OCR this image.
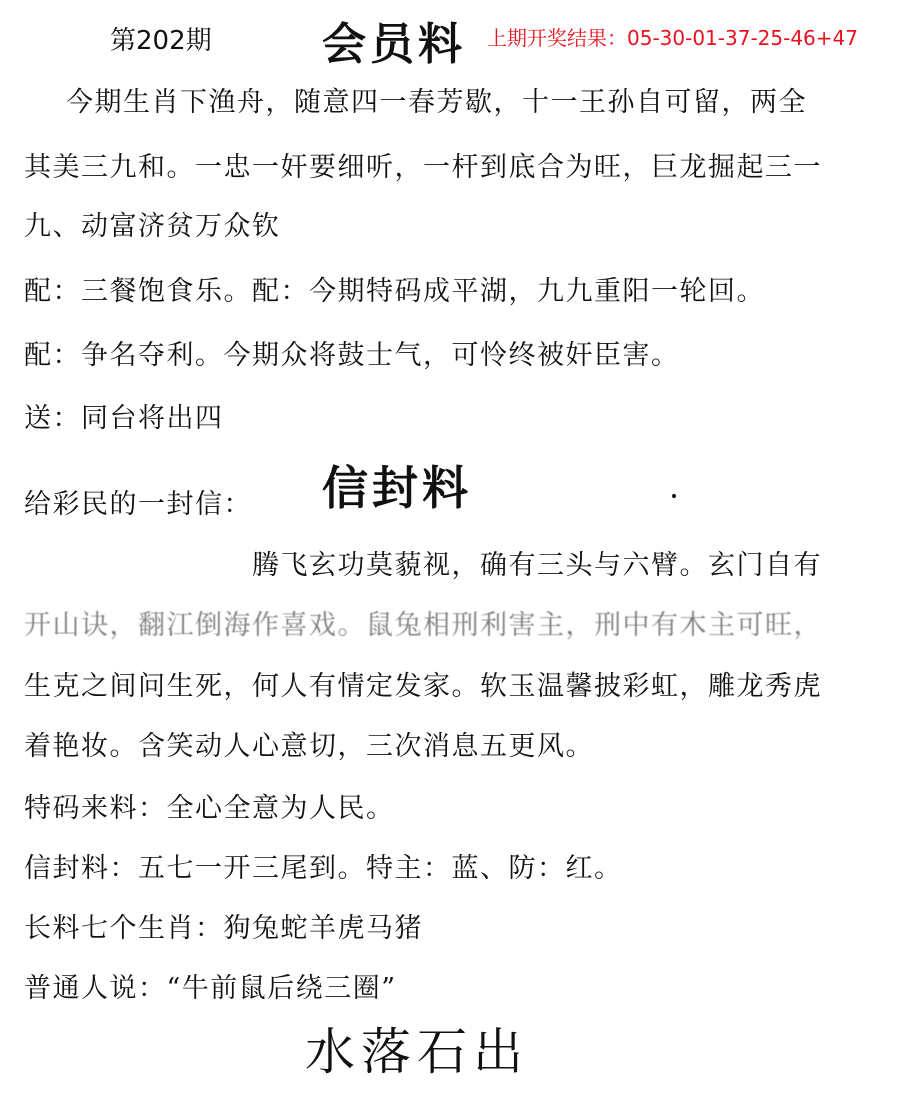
第202期	会员料 上期开奖结果：05-30-01-37-25-46+47
今期生肖下渔舟，随意四一春芳歇，十一王孙自可留，两全
其美三九和。一忠一奸要细听，一杆到底合为旺，巨龙掘起三一
九、动富济贫万众钦
配：三餐饱食乐。配：今期特码成平湖，九九重阳一轮回。
配：争名夺利。今期众将鼓士气，可怜终被奸臣害。
送：同台将出四
给彩民的一封信： 信封料
腾飞玄功莫藐视，确有三头与六臂。玄门自有
开山诀，翻江倒海作喜戏。鼠兔相刑利害主，刑中有木主可旺，
生克之间问生死，何人有情定发家。软玉温馨披彩虹，雕龙秀虎
着艳妆。含笑动人心意切，三次消息五更风。
特码来料：全心全意为人民。
信封料：五七一开三尾到。特主：蓝、防：红。
长料七个生肖：狗兔蛇羊虎马猪
普通人说：“牛前鼠后绕三圈”
水落石出
